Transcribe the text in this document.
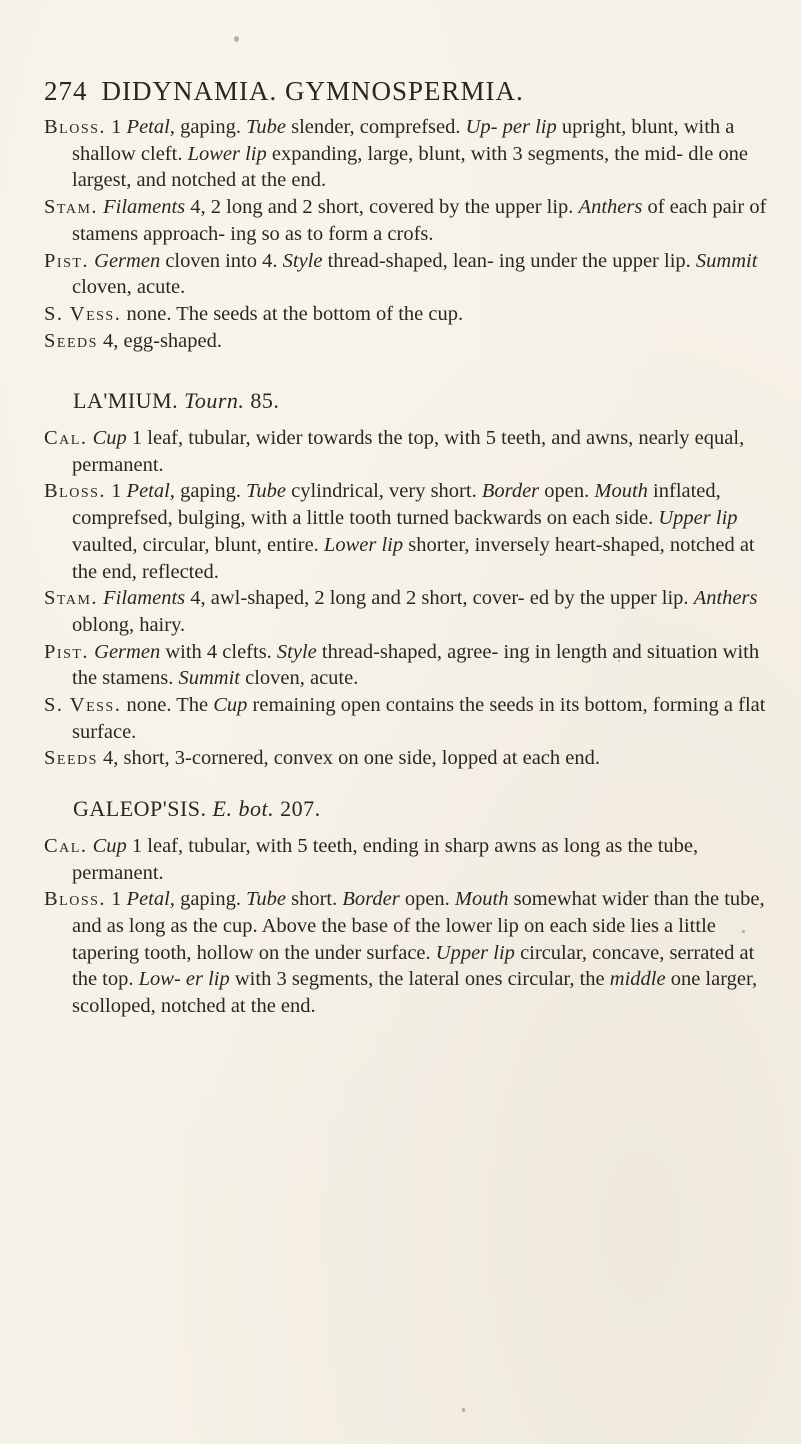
274 DIDYNAMIA. GYMNOSPERMIA.

Bloss. 1 Petal, gaping. Tube slender, comprefsed. Up- per lip upright, blunt, with a shallow cleft. Lower lip expanding, large, blunt, with 3 segments, the mid- dle one largest, and notched at the end.

Stam. Filaments 4, 2 long and 2 short, covered by the upper lip. Anthers of each pair of stamens approach- ing so as to form a crofs.

Pist. Germen cloven into 4. Style thread-shaped, lean- ing under the upper lip. Summit cloven, acute.

S. Vess. none. The seeds at the bottom of the cup.

Seeds 4, egg-shaped.

LA'MIUM. Tourn. 85.

Cal. Cup 1 leaf, tubular, wider towards the top, with 5 teeth, and awns, nearly equal, permanent.

Bloss. 1 Petal, gaping. Tube cylindrical, very short. Border open. Mouth inflated, comprefsed, bulging, with a little tooth turned backwards on each side. Upper lip vaulted, circular, blunt, entire. Lower lip shorter, inversely heart-shaped, notched at the end, reflected.

Stam. Filaments 4, awl-shaped, 2 long and 2 short, cover- ed by the upper lip. Anthers oblong, hairy.

Pist. Germen with 4 clefts. Style thread-shaped, agree- ing in length and situation with the stamens. Summit cloven, acute.

S. Vess. none. The Cup remaining open contains the seeds in its bottom, forming a flat surface.

Seeds 4, short, 3-cornered, convex on one side, lopped at each end.

GALEOP'SIS. E. bot. 207.

Cal. Cup 1 leaf, tubular, with 5 teeth, ending in sharp awns as long as the tube, permanent.

Bloss. 1 Petal, gaping. Tube short. Border open. Mouth somewhat wider than the tube, and as long as the cup. Above the base of the lower lip on each side lies a little tapering tooth, hollow on the under surface. Upper lip circular, concave, serrated at the top. Low- er lip with 3 segments, the lateral ones circular, the middle one larger, scolloped, notched at the end.
